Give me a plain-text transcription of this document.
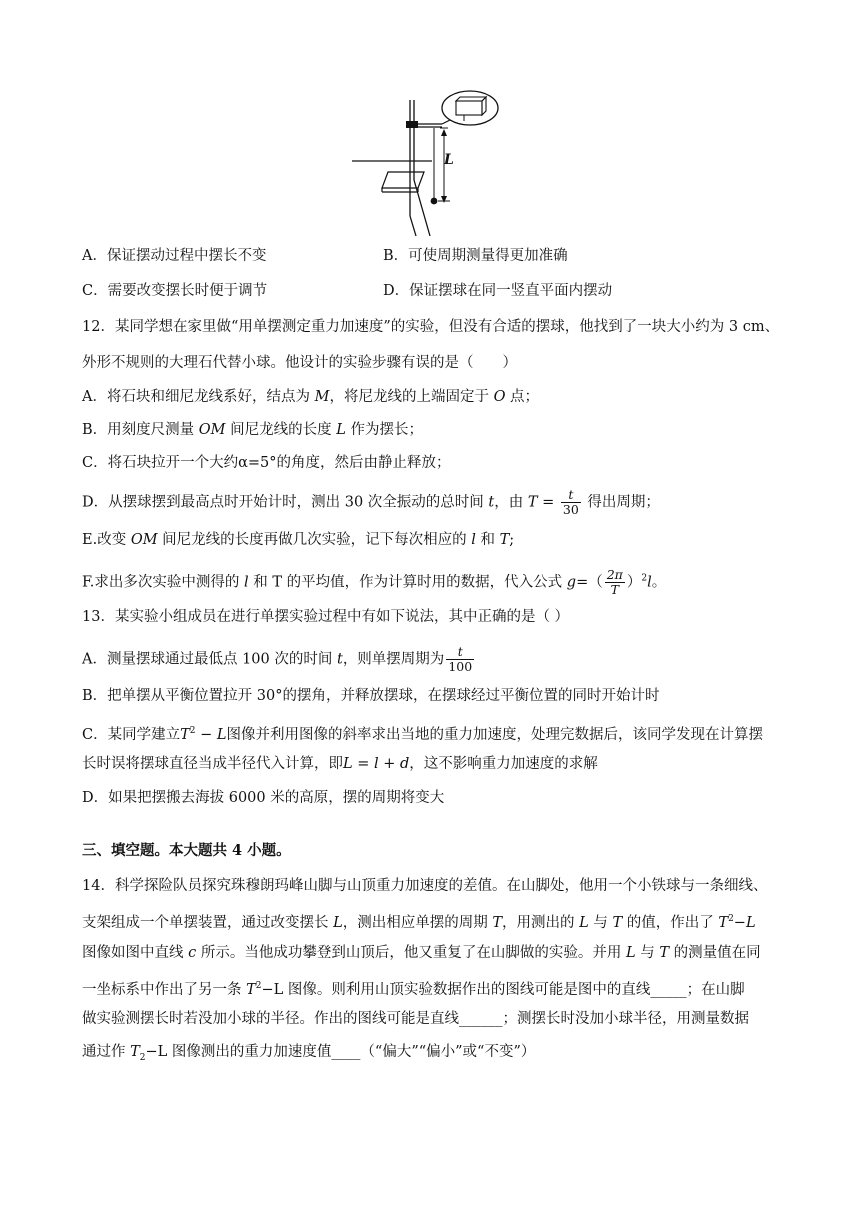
L
A．保证摆动过程中摆长不变	B．可使周期测量得更加准确
C．需要改变摆长时便于调节	D．保证摆球在同一竖直平面内摆动
12．某同学想在家里做“用单摆测定重力加速度”的实验，但没有合适的摆球，他找到了一块大小约为 3 cm、
外形不规则的大理石代替小球。他设计的实验步骤有误的是（　　）
A．将石块和细尼龙线系好，结点为 M，将尼龙线的上端固定于 O 点；
B．用刻度尺测量 OM 间尼龙线的长度 L 作为摆长；
C．将石块拉开一个大约α=5°的角度，然后由静止释放；
D．从摆球摆到最高点时开始计时，测出 30 次全振动的总时间 t，由 $T = \frac{t}{30}$ 得出周期；
E.改变 OM 间尼龙线的长度再做几次实验，记下每次相应的 l 和 T;
F.求出多次实验中测得的 l 和 T 的平均值，作为计算时用的数据，代入公式 $g=( \frac{2\pi}{T} )^2l$。
13．某实验小组成员在进行单摆实验过程中有如下说法，其中正确的是（ ）
A．测量摆球通过最低点 100 次的时间 t，则单摆周期为 $\frac{t}{100}$
B．把单摆从平衡位置拉开 30°的摆角，并释放摆球，在摆球经过平衡位置的同时开始计时
C．某同学建立$T^2 - L$图像并利用图像的斜率求出当地的重力加速度，处理完数据后，该同学发现在计算摆
长时误将摆球直径当成半径代入计算，即L = l + d，这不影响重力加速度的求解
D．如果把摆搬去海拔 6000 米的高原，摆的周期将变大
三、填空题。本大题共 4 小题。
14．科学探险队员探究珠穆朗玛峰山脚与山顶重力加速度的差值。在山脚处，他用一个小铁球与一条细线、
支架组成一个单摆装置，通过改变摆长 L，测出相应单摆的周期 T，用测出的 L 与 T 的值，作出了 $T^2-L$
图像如图中直线 c 所示。当他成功攀登到山顶后，他又重复了在山脚做的实验。并用 L 与 T 的测量值在同
一坐标系中作出了另一条 $T^2-L$ 图像。则利用山顶实验数据作出的图线可能是图中的直线_____；在山脚
做实验测摆长时若没加小球的半径。作出的图线可能是直线______；测摆长时没加小球半径，用测量数据
通过作 $T_2-L$ 图像测出的重力加速度值____（“偏大”“偏小”或“不变”）
